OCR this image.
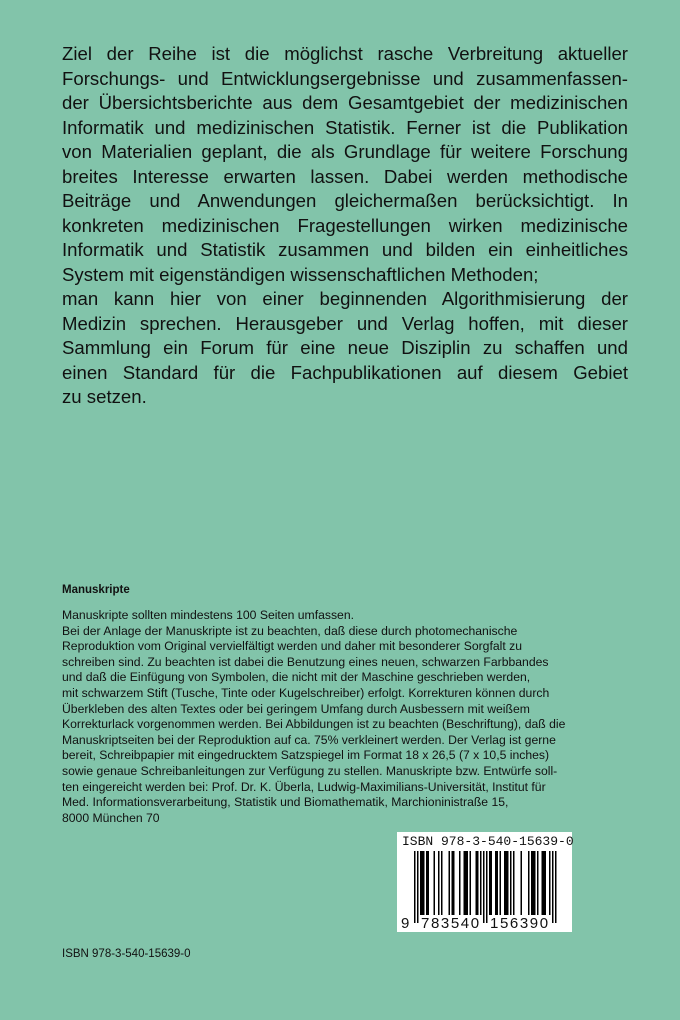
Ziel der Reihe ist die möglichst rasche Verbreitung aktueller
Forschungs- und Entwicklungsergebnisse und zusammenfassen-
der Übersichtsberichte aus dem Gesamtgebiet der medizinischen
Informatik und medizinischen Statistik. Ferner ist die Publikation
von Materialien geplant, die als Grundlage für weitere Forschung
breites Interesse erwarten lassen. Dabei werden methodische
Beiträge und Anwendungen gleichermaßen berücksichtigt. In
konkreten medizinischen Fragestellungen wirken medizinische
Informatik und Statistik zusammen und bilden ein einheitliches
System mit eigenständigen wissenschaftlichen Methoden;
man kann hier von einer beginnenden Algorithmisierung der
Medizin sprechen. Herausgeber und Verlag hoffen, mit dieser
Sammlung ein Forum für eine neue Disziplin zu schaffen und
einen Standard für die Fachpublikationen auf diesem Gebiet
zu setzen.
Manuskripte
Manuskripte sollten mindestens 100 Seiten umfassen.
Bei der Anlage der Manuskripte ist zu beachten, daß diese durch photomechanische
Reproduktion vom Original vervielfältigt werden und daher mit besonderer Sorgfalt zu
schreiben sind. Zu beachten ist dabei die Benutzung eines neuen, schwarzen Farbbandes
und daß die Einfügung von Symbolen, die nicht mit der Maschine geschrieben werden,
mit schwarzem Stift (Tusche, Tinte oder Kugelschreiber) erfolgt. Korrekturen können durch
Überkleben des alten Textes oder bei geringem Umfang durch Ausbessern mit weißem
Korrekturlack vorgenommen werden. Bei Abbildungen ist zu beachten (Beschriftung), daß die
Manuskriptseiten bei der Reproduktion auf ca. 75% verkleinert werden. Der Verlag ist gerne
bereit, Schreibpapier mit eingedrucktem Satzspiegel im Format 18 x 26,5 (7 x 10,5 inches)
sowie genaue Schreibanleitungen zur Verfügung zu stellen. Manuskripte bzw. Entwürfe soll-
ten eingereicht werden bei: Prof. Dr. K. Überla, Ludwig-Maximilians-Universität, Institut für
Med. Informationsverarbeitung, Statistik und Biomathematik, Marchioninistraße 15,
8000 München 70
ISBN 978-3-540-15639-0
9 783540 156390
ISBN 978-3-540-15639-0
